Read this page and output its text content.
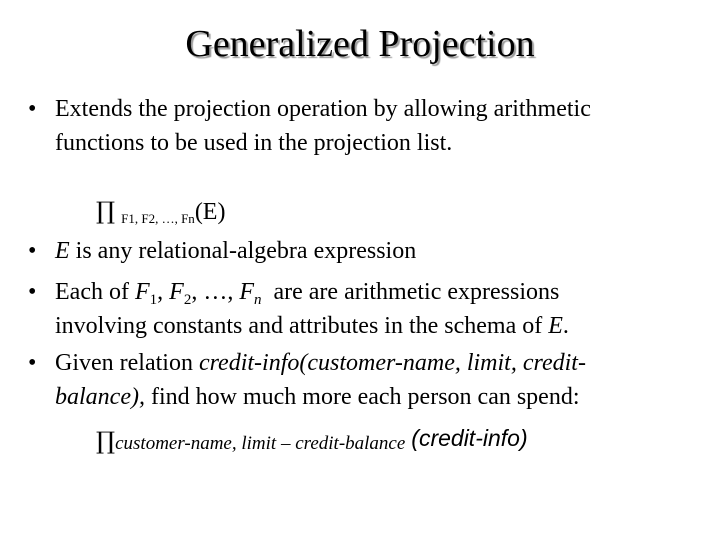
Generalized Projection
• Extends the projection operation by allowing arithmetic
functions to be used in the projection list.
∏ F1, F2, …, Fn(E)
• E is any relational-algebra expression
• Each of $F_1$, $F_2$, …, $F_n$ are are arithmetic expressions
involving constants and attributes in the schema of E.
• Given relation credit-info(customer-name, limit, credit-
balance), find how much more each person can spend:
∏customer-name, limit – credit-balance (credit-info)
